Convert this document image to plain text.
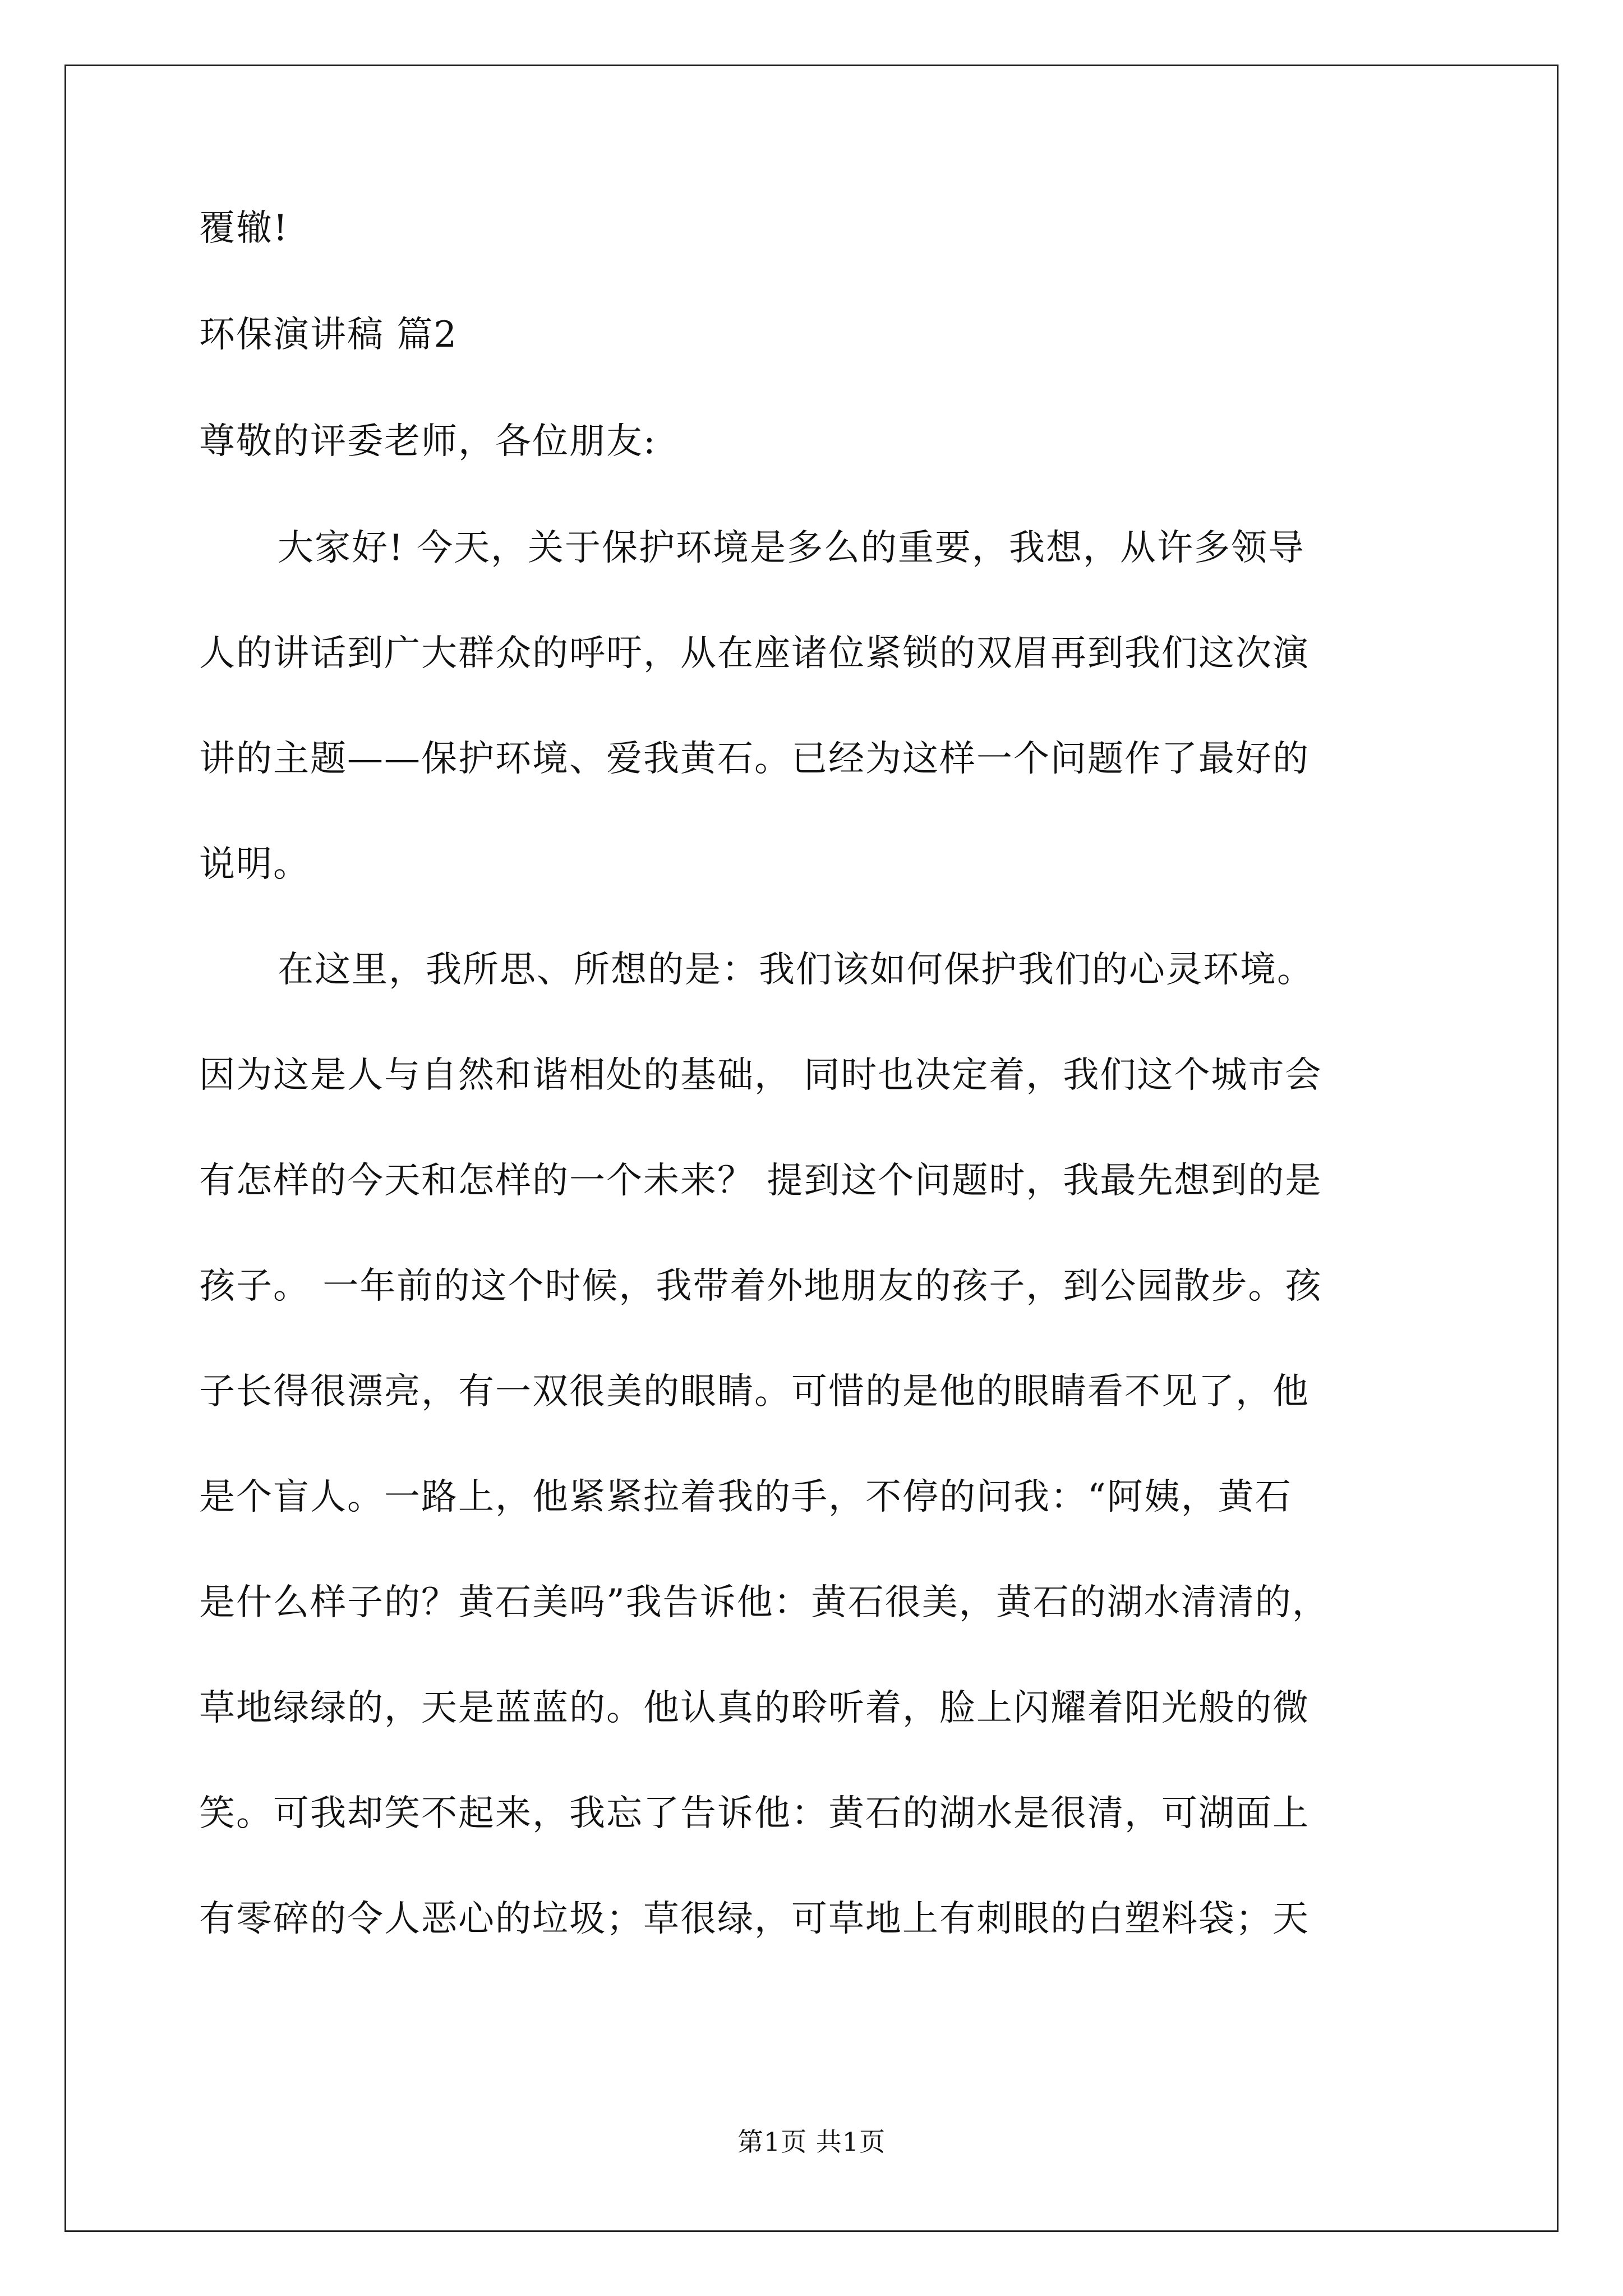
覆辙!

环保演讲稿 篇2

尊敬的评委老师，各位朋友:

大家好! 今天，关于保护环境是多么的重要，我想，从许多领导

人的讲话到广大群众的呼吁，从在座诸位紧锁的双眉再到我们这次演

讲的主题——保护环境、爱我黄石。已经为这样一个问题作了最好的

说明。

在这里，我所思、所想的是：我们该如何保护我们的心灵环境。

因为这是人与自然和谐相处的基础， 同时也决定着，我们这个城市会

有怎样的今天和怎样的一个未来？ 提到这个问题时，我最先想到的是

孩子。 一年前的这个时候，我带着外地朋友的孩子，到公园散步。孩

子长得很漂亮，有一双很美的眼睛。可惜的是他的眼睛看不见了，他

是个盲人。一路上，他紧紧拉着我的手，不停的问我：“阿姨，黄石

是什么样子的？黄石美吗”我告诉他：黄石很美，黄石的湖水清清的，

草地绿绿的，天是蓝蓝的。他认真的聆听着，脸上闪耀着阳光般的微

笑。可我却笑不起来，我忘了告诉他：黄石的湖水是很清，可湖面上

有零碎的令人恶心的垃圾；草很绿，可草地上有刺眼的白塑料袋；天

第1页 共1页
